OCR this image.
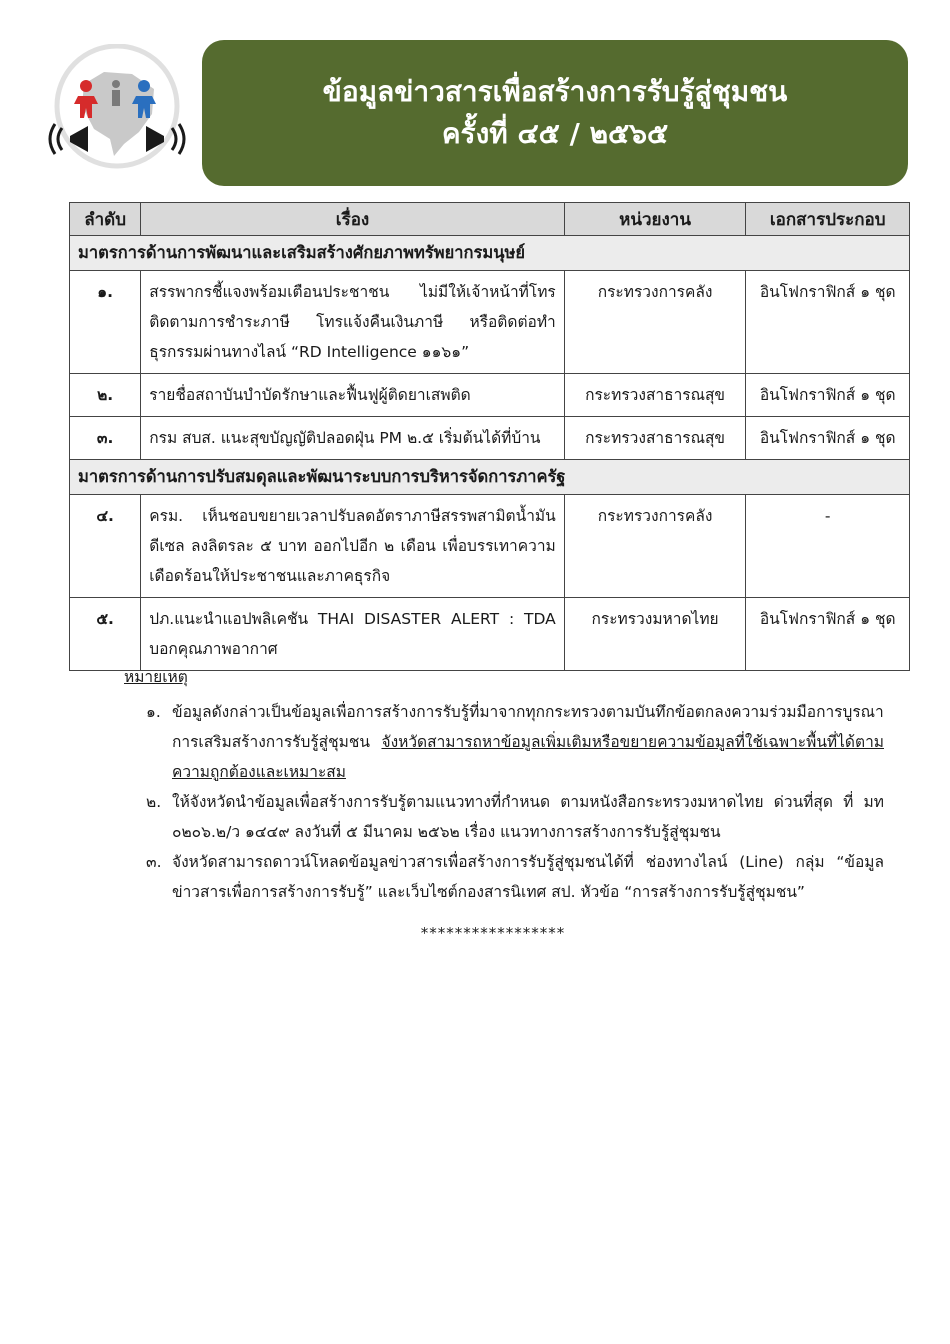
ข้อมูลข่าวสารเพื่อสร้างการรับรู้สู่ชุมชน
ครั้งที่ ๔๕ / ๒๕๖๕
ลำดับ	เรื่อง	หน่วยงาน	เอกสารประกอบ
มาตรการด้านการพัฒนาและเสริมสร้างศักยภาพทรัพยากรมนุษย์			
๑.	สรรพากรชี้แจงพร้อมเตือนประชาชน ไม่มีให้เจ้าหน้าที่โทรติดตามการชำระภาษี โทรแจ้งคืนเงินภาษี หรือติดต่อทำธุรกรรมผ่านทางไลน์ “RD Intelligence ๑๑๖๑”	กระทรวงการคลัง	อินโฟกราฟิกส์ ๑ ชุด
๒.	รายชื่อสถาบันบำบัดรักษาและฟื้นฟูผู้ติดยาเสพติด	กระทรวงสาธารณสุข	อินโฟกราฟิกส์ ๑ ชุด
๓.	กรม สบส. แนะสุขบัญญัติปลอดฝุ่น PM ๒.๕ เริ่มต้นได้ที่บ้าน	กระทรวงสาธารณสุข	อินโฟกราฟิกส์ ๑ ชุด
มาตรการด้านการปรับสมดุลและพัฒนาระบบการบริหารจัดการภาครัฐ			
๔.	ครม. เห็นชอบขยายเวลาปรับลดอัตราภาษีสรรพสามิตน้ำมันดีเซล ลงลิตรละ ๕ บาท ออกไปอีก ๒ เดือน เพื่อบรรเทาความเดือดร้อนให้ประชาชนและภาคธุรกิจ	กระทรวงการคลัง	-
๕.	ปภ.แนะนำแอปพลิเคชัน THAI DISASTER ALERT : TDA บอกคุณภาพอากาศ	กระทรวงมหาดไทย	อินโฟกราฟิกส์ ๑ ชุด
หมายเหตุ
๑. ข้อมูลดังกล่าวเป็นข้อมูลเพื่อการสร้างการรับรู้ที่มาจากทุกกระทรวงตามบันทึกข้อตกลงความร่วมมือการบูรณาการเสริมสร้างการรับรู้สู่ชุมชน จังหวัดสามารถหาข้อมูลเพิ่มเติมหรือขยายความข้อมูลที่ใช้เฉพาะพื้นที่ได้ตามความถูกต้องและเหมาะสม
๒. ให้จังหวัดนำข้อมูลเพื่อสร้างการรับรู้ตามแนวทางที่กำหนด ตามหนังสือกระทรวงมหาดไทย ด่วนที่สุด ที่ มท ๐๒๐๖.๒/ว ๑๔๔๙ ลงวันที่ ๕ มีนาคม ๒๕๖๒ เรื่อง แนวทางการสร้างการรับรู้สู่ชุมชน
๓. จังหวัดสามารถดาวน์โหลดข้อมูลข่าวสารเพื่อสร้างการรับรู้สู่ชุมชนได้ที่ ช่องทางไลน์ (Line) กลุ่ม “ข้อมูลข่าวสารเพื่อการสร้างการรับรู้” และเว็บไซต์กองสารนิเทศ สป. หัวข้อ “การสร้างการรับรู้สู่ชุมชน”
*****************
